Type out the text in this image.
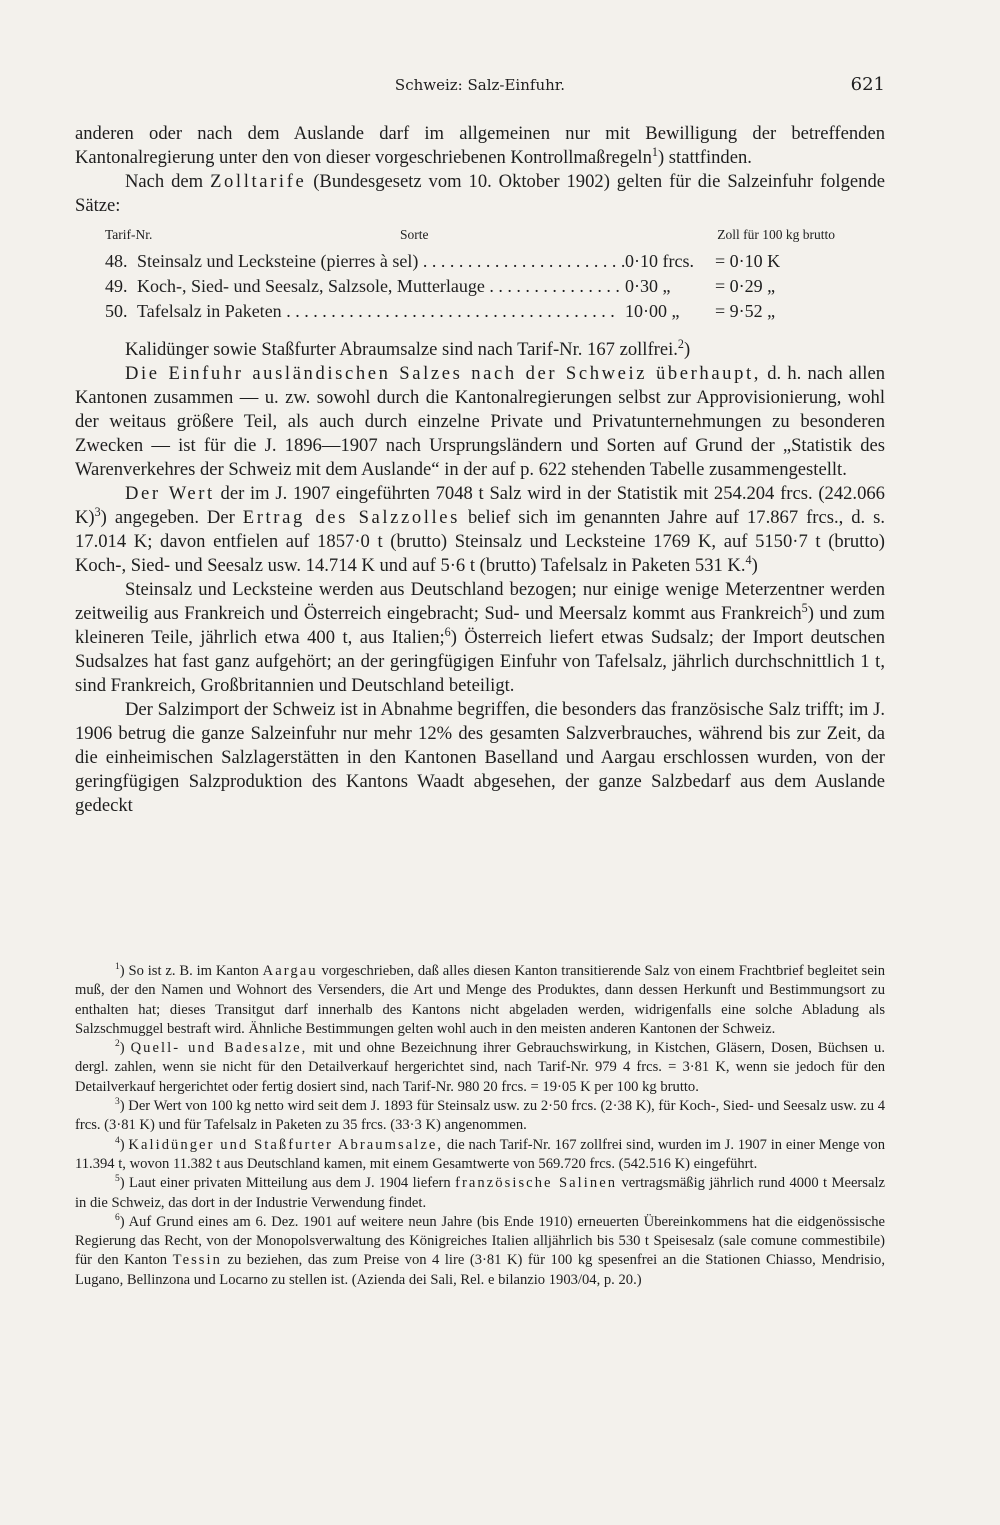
Schweiz: Salz-Einfuhr.	621

anderen oder nach dem Auslande darf im allgemeinen nur mit Bewilligung der betreffenden Kantonalregierung unter den von dieser vorgeschriebenen Kontrollmaßregeln$^1$) stattfinden.

Nach dem Zolltarife (Bundesgesetz vom 10. Oktober 1902) gelten für die Salzeinfuhr folgende Sätze:

Tarif-Nr.	Sorte	Zoll für 100 kg brutto
48. Steinsalz und Lecksteine (pierres à sel) . . .	0·10 frcs.	= 0·10 K
49. Koch-, Sied- und Seesalz, Salzsole, Mutterlauge . . .	0·30 „	= 0·29 „
50. Tafelsalz in Paketen . . .	10·00 „	= 9·52 „

Kalidünger sowie Staßfurter Abraumsalze sind nach Tarif-Nr. 167 zollfrei.$^2$)

Die Einfuhr ausländischen Salzes nach der Schweiz überhaupt, d. h. nach allen Kantonen zusammen — u. zw. sowohl durch die Kantonalregierungen selbst zur Approvisionierung, wohl der weitaus größere Teil, als auch durch einzelne Private und Privatunternehmungen zu besonderen Zwecken — ist für die J. 1896—1907 nach Ursprungsländern und Sorten auf Grund der „Statistik des Warenverkehres der Schweiz mit dem Auslande“ in der auf p. 622 stehenden Tabelle zusammengestellt.

Der Wert der im J. 1907 eingeführten 7048 t Salz wird in der Statistik mit 254.204 frcs. (242.066 K)$^3$) angegeben. Der Ertrag des Salzzolles belief sich im genannten Jahre auf 17.867 frcs., d. s. 17.014 K; davon entfielen auf 1857·0 t (brutto) Steinsalz und Lecksteine 1769 K, auf 5150·7 t (brutto) Koch-, Sied- und Seesalz usw. 14.714 K und auf 5·6 t (brutto) Tafelsalz in Paketen 531 K.$^4$)

Steinsalz und Lecksteine werden aus Deutschland bezogen; nur einige wenige Meterzentner werden zeitweilig aus Frankreich und Österreich eingebracht; Sud- und Meersalz kommt aus Frankreich$^5$) und zum kleineren Teile, jährlich etwa 400 t, aus Italien;$^6$) Österreich liefert etwas Sudsalz; der Import deutschen Sudsalzes hat fast ganz aufgehört; an der geringfügigen Einfuhr von Tafelsalz, jährlich durchschnittlich 1 t, sind Frankreich, Großbritannien und Deutschland beteiligt.

Der Salzimport der Schweiz ist in Abnahme begriffen, die besonders das französische Salz trifft; im J. 1906 betrug die ganze Salzeinfuhr nur mehr 12% des gesamten Salzverbrauches, während bis zur Zeit, da die einheimischen Salzlagerstätten in den Kantonen Baselland und Aargau erschlossen wurden, von der geringfügigen Salzproduktion des Kantons Waadt abgesehen, der ganze Salzbedarf aus dem Auslande gedeckt

$^1$) So ist z. B. im Kanton Aargau vorgeschrieben, daß alles diesen Kanton transitierende Salz von einem Frachtbrief begleitet sein muß, der den Namen und Wohnort des Versenders, die Art und Menge des Produktes, dann dessen Herkunft und Bestimmungsort zu enthalten hat; dieses Transitgut darf innerhalb des Kantons nicht abgeladen werden, widrigenfalls eine solche Abladung als Salzschmuggel bestraft wird. Ähnliche Bestimmungen gelten wohl auch in den meisten anderen Kantonen der Schweiz.

$^2$) Quell- und Badesalze, mit und ohne Bezeichnung ihrer Gebrauchswirkung, in Kistchen, Gläsern, Dosen, Büchsen u. dergl. zahlen, wenn sie nicht für den Detailverkauf hergerichtet sind, nach Tarif-Nr. 979 4 frcs. = 3·81 K, wenn sie jedoch für den Detailverkauf hergerichtet oder fertig dosiert sind, nach Tarif-Nr. 980 20 frcs. = 19·05 K per 100 kg brutto.

$^3$) Der Wert von 100 kg netto wird seit dem J. 1893 für Steinsalz usw. zu 2·50 frcs. (2·38 K), für Koch-, Sied- und Seesalz usw. zu 4 frcs. (3·81 K) und für Tafelsalz in Paketen zu 35 frcs. (33·3 K) angenommen.

$^4$) Kalidünger und Staßfurter Abraumsalze, die nach Tarif-Nr. 167 zollfrei sind, wurden im J. 1907 in einer Menge von 11.394 t, wovon 11.382 t aus Deutschland kamen, mit einem Gesamtwerte von 569.720 frcs. (542.516 K) eingeführt.

$^5$) Laut einer privaten Mitteilung aus dem J. 1904 liefern französische Salinen vertragsmäßig jährlich rund 4000 t Meersalz in die Schweiz, das dort in der Industrie Verwendung findet.

$^6$) Auf Grund eines am 6. Dez. 1901 auf weitere neun Jahre (bis Ende 1910) erneuerten Übereinkommens hat die eidgenössische Regierung das Recht, von der Monopolsverwaltung des Königreiches Italien alljährlich bis 530 t Speisesalz (sale comune commestibile) für den Kanton Tessin zu beziehen, das zum Preise von 4 lire (3·81 K) für 100 kg spesenfrei an die Stationen Chiasso, Mendrisio, Lugano, Bellinzona und Locarno zu stellen ist. (Azienda dei Sali, Rel. e bilanzio 1903/04, p. 20.)
